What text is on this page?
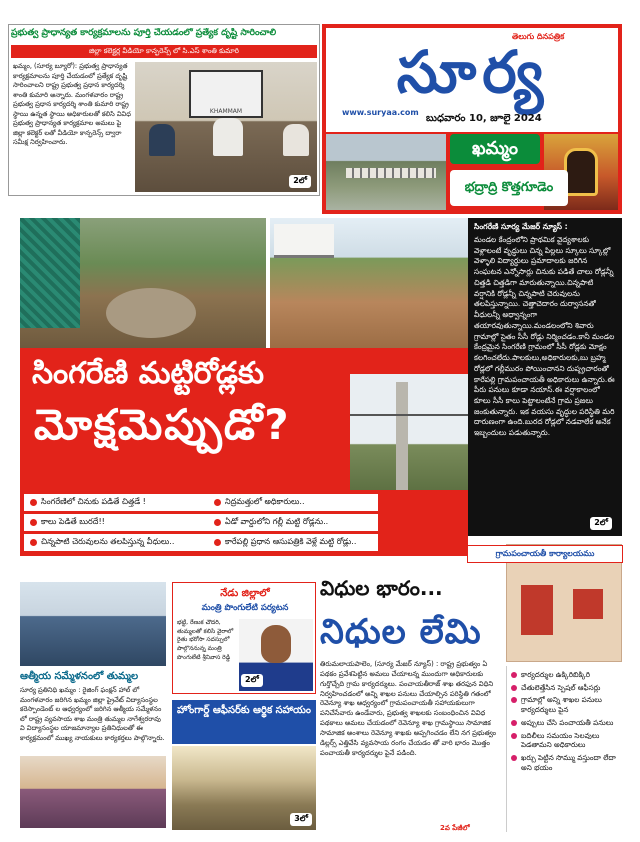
ప్రభుత్వ ప్రాధాన్యత కార్యక్రమాలను పూర్తి చేయడంలో ప్రత్యేక దృష్టి సారించాలి
జిల్లా కలెక్టర్ల వీడియో కాన్ఫరెన్స్ లో సి.ఎస్ శాంతి కుమారి
ఖమ్మం, (సూర్య బ్యూరో): ప్రభుత్వ ప్రాధాన్యత కార్యక్రమాలను పూర్తి చేయడంలో ప్రత్యేక దృష్టి సారించాలని రాష్ట్ర ప్రభుత్వ ప్రధాన కార్యదర్శి శాంతి కుమారి అన్నారు. మంగళవారం రాష్ట్ర ప్రభుత్వ ప్రధాన కార్యదర్శి శాంతి కుమారి రాష్ట్ర స్థాయి ఉన్నత స్థాయి అధికారులతో కలిసి వివిధ ప్రభుత్వ ప్రాధాన్యత కార్యక్రమాల అమలు పై జిల్లా కలెక్టర్ లతో వీడియో కాన్ఫరెన్స్ ద్వారా సమీక్ష నిర్వహించారు.
KHAMMAM
2లో
తెలుగు దినపత్రిక
సూర్య
www.suryaa.com
బుధవారం 10, జూలై 2024
ఖమ్మం
భద్రాద్రి కొత్తగూడెం
సింగరేణి మట్టిరోడ్లకు
మోక్షమెప్పుడో?
సింగరేణి సూర్య మేజర్ న్యూస్ :
మండల కేంద్రంలోని ప్రాథమిక వైద్యశాలకు వెళ్లాలంటే వృద్ధులు చిన్న పిల్లలు స్కూలు స్కూల్లో వెళ్ళాలి విద్యార్థులు ప్రమాదాలకు జరిగిన సంఘటన ఎన్నోసార్లు చినుకు పడితే చాలు రోడ్లన్నీ చిత్తడి చిత్తడిగా మారుతున్నాయి.చిన్నపాటి వర్షానికి రోడ్లన్నీ చిన్నపాటి చెరువులను తలపిస్తున్నాయి. చెత్తాచెదారం దుర్వాసనతో వీధులన్నీ అధ్వాన్నంగా తయారవుతున్నాయి.మండలంలోని శివారు గ్రామాల్లో సైతం సీసీ రోడ్లు నిర్మించడం.కానీ మండల కేంద్రమైన సింగరేణి గ్రామంలో సీసీ రోడ్లకు మోక్షం కలగించలేదు.పాలకులు,అధికారులకు,బు బ్రహ్మ రోడ్లలో గల్లీమురం పోయించానని దుష్ప్రచారంతో కారేపల్లి గ్రామపంచాయతీ అధికారులు ఉన్నారు.ఈ పీరు పనులు కూడా నయాస్.ఈ వర్షాకాలంలో కూలు సీసీ కాలు పెట్టాలంటేనే గ్రామ ప్రజలు జంకుతున్నారు. ఇక వయసు వృద్ధుల పరిస్థితి మరి దారుణంగా ఉంది.బురద రోడ్లలో నడవాలేక అనేక ఇబ్బందులు పడుతున్నారు.
2లో
సింగరేణిలో చినుకు పడితే చిత్తడే !
కాలు పెడితే బురదే!!
చిన్నపాటి చెరువులను తలపిస్తున్న వీధులు..
నిద్రమత్తులో అధికారులు..
ఏడో వార్డులోని గల్లీ మట్టి రోడ్లను..
కారేపల్లి ప్రధాన ఆసుపత్రికి వెళ్లే మట్టి రోడ్లు..
ఆత్మీయ సమ్మేళనంలో తుమ్మల
సూర్య ప్రతినిధి ఖమ్మం : రైజింగ్ ఫంక్షన్ హాల్ లో మంగళవారం జరిగిన ఖమ్మం జిల్లా ప్రైవేట్ విద్యాసంస్థల కరెస్పాండెంట్ ల ఆధ్వర్యంలో జరిగిన ఆత్మీయ సమ్మేళనం లో రాష్ట్ర వ్యవసాయ శాఖ మంత్రి తుమ్మల నాగేశ్వరరావు వి విద్యాసంస్థల యాజమాన్యాల ప్రతినిధులతో ఈ కార్యక్రమంలో ముఖ్య నాయకులు కార్యకర్తలు పాల్గొన్నారు.
నేడు జిల్లాలో
మంత్రి పొంగులేటి పర్యటన
భట్టి, రేణుక చౌదరి, తుమ్మలతో కలిసి వైరాలో రైతు భరోసా సదస్సులో పాల్గొననున్న మంత్రి పొంగులేటి శ్రీనివాస రెడ్డి
2లో
హోంగార్డ్ ఆఫీసర్‌కు ఆర్థిక సహాయం
3లో
విధుల భారం...
నిధుల లేమి
తిరుమలాయపాలెం, (సూర్య మేజర్ న్యూస్) : రాష్ట్ర ప్రభుత్వం ఏ పథకం ప్రవేశపెట్టిన అమలు చేయాలన్న ముందుగా అధికారులకు గుర్తొచ్చేది గ్రామ కార్యదర్శులు. పంచాయతీరాజ్ శాఖ తరఫున విధిని నిర్వహించడంలో అన్ని శాఖల పనులు చేయాల్సిన పరిస్థితి గతంలో రెవెన్యూ శాఖ ఆధ్వర్యంలో గ్రామపంచాయతీ సహాయకులుగా పనిచేసేవారు ఉండేవారు, ప్రభుత్వ శాఖలకు సంబంధించిన వివిధ పథకాలు అమలు చేయడంలో రెవెన్యూ శాఖ గ్రామస్థాయి సామాజిక సామాజిక అంశాలు రెవెన్యూ శాఖకు అప్పగించడం లేని నగ ప్రభుత్వం డిల్లర్స్ ఎత్తివేసి వ్యవసాయ రంగం చేయడం తో వారి భారం మొత్తం పంచాయతీ కార్యదర్శుల పైనే పడింది.
2వ పేజీలో
గ్రామపంచాయతీ కార్యాలయము
కార్యదర్శుల ఉక్కిరిబిక్కిరి
చేతులెత్తేసిన స్పెషల్ ఆఫీసర్లు
గ్రామాల్లో అన్ని శాఖల పనులు కార్యదర్శులు పైన
అప్పులు చేసి పంచాయతీ పనులు
బదిలీలు సమయం సెలవులు పెడతామని అధికారులు
ఖర్చు పెట్టిన సొమ్ము వస్తుందా లేదా అని భయం
